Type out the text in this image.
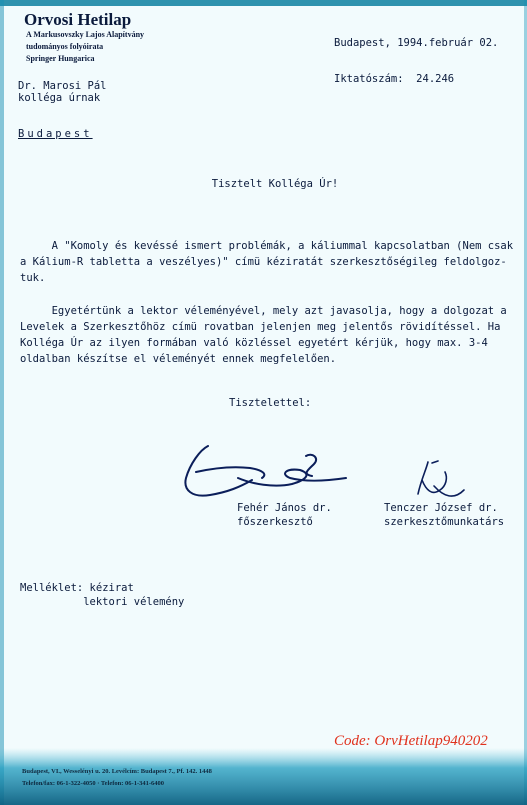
Orvosi Hetilap
A Markusovszky Lajos Alapítvány
tudományos folyóirata
Springer Hungarica

Budapest, 1994.február 02.

Iktatószám:  24.246

Dr. Marosi Pál
kolléga úrnak
Budapest
Tisztelt Kolléga Úr!
A "Komoly és kevéssé ismert problémák, a káliummal kapcsolatban (Nem csak
a Kálium-R tabletta a veszélyes)" címü kéziratát szerkesztőségileg feldolgoz-
tuk.
Egyetértünk a lektor véleményével, mely azt javasolja, hogy a dolgozat a
Levelek a Szerkesztőhöz címü rovatban jelenjen meg jelentős rövidítéssel. Ha
Kolléga Úr az ilyen formában való közléssel egyetért kérjük, hogy max. 3-4
oldalban készítse el véleményét ennek megfelelően.
Tisztelettel:
Fehér János dr.
főszerkesztő
Tenczer József dr.
szerkesztőmunkatárs
Melléklet: kézirat
lektori vélemény
Budapest, VI., Wesselényi u. 20. Levélcím: Budapest 7., Pf. 142. 1448
Telefon/fax: 06-1-322-4050 · Telefon: 06-1-341-6400
Code: OrvHetilap940202
